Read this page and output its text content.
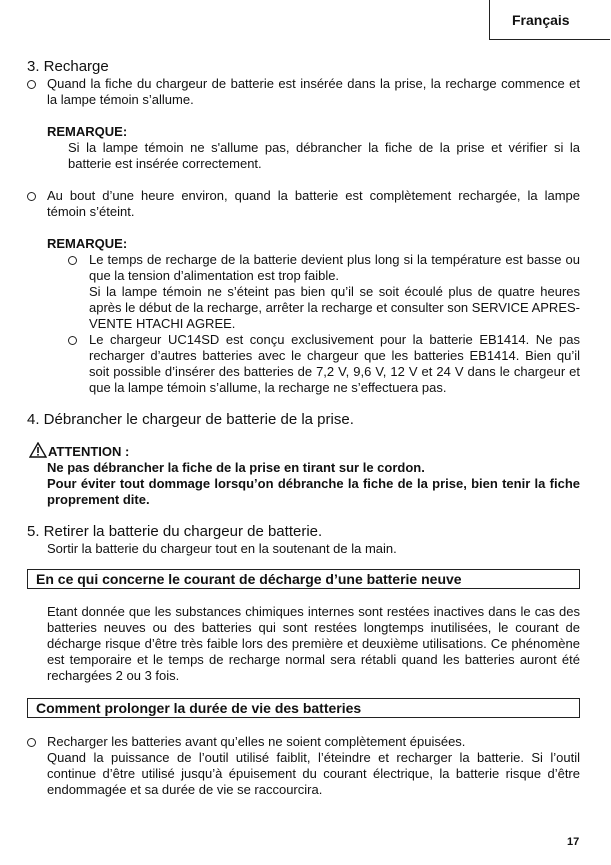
Français
3. Recharge
Quand la fiche du chargeur de batterie est insérée dans la prise, la recharge commence et la lampe témoin s’allume.
REMARQUE:
Si la lampe témoin ne s'allume pas, débrancher la fiche de la prise et vérifier si la batterie est insérée correctement.
Au bout d’une heure environ, quand la batterie est complètement rechargée, la lampe témoin s’éteint.
REMARQUE:
Le temps de recharge de la batterie devient plus long si la température est basse ou que la tension d’alimentation est trop faible.
Si la lampe témoin ne s’éteint pas bien qu’il se soit écoulé plus de quatre heures après le début de la recharge, arrêter la recharge et consulter son SERVICE APRES-VENTE HTACHI AGREE.
Le chargeur UC14SD est conçu exclusivement pour la batterie EB1414. Ne pas recharger d’autres batteries avec le chargeur que les batteries EB1414. Bien qu’il soit possible d’insérer des batteries de 7,2 V, 9,6 V, 12 V et 24 V dans le chargeur et que la lampe témoin s’allume, la recharge ne s’effectuera pas.
4. Débrancher le chargeur de batterie de la prise.
ATTENTION :
Ne pas débrancher la fiche de la prise en tirant sur le cordon.
Pour éviter tout dommage lorsqu’on débranche la fiche de la prise, bien tenir la fiche proprement dite.
5. Retirer la batterie du chargeur de batterie.
Sortir la batterie du chargeur tout en la soutenant de la main.
En ce qui concerne le courant de décharge d’une batterie neuve
Etant donnée que les substances chimiques internes sont restées inactives dans le cas des batteries neuves ou des batteries qui sont restées longtemps inutilisées, le courant de décharge risque d’être très faible lors des première et deuxième utilisations. Ce phénomène est temporaire et le temps de recharge normal sera rétabli quand les batteries auront été rechargées 2 ou 3 fois.
Comment prolonger la durée de vie des batteries
Recharger les batteries avant qu’elles ne soient complètement épuisées.
Quand la puissance de l’outil utilisé faiblit, l’éteindre et recharger la batterie. Si l’outil continue d’être utilisé jusqu’à épuisement du courant électrique, la batterie risque d’être endommagée et sa durée de vie se raccourcira.
17
